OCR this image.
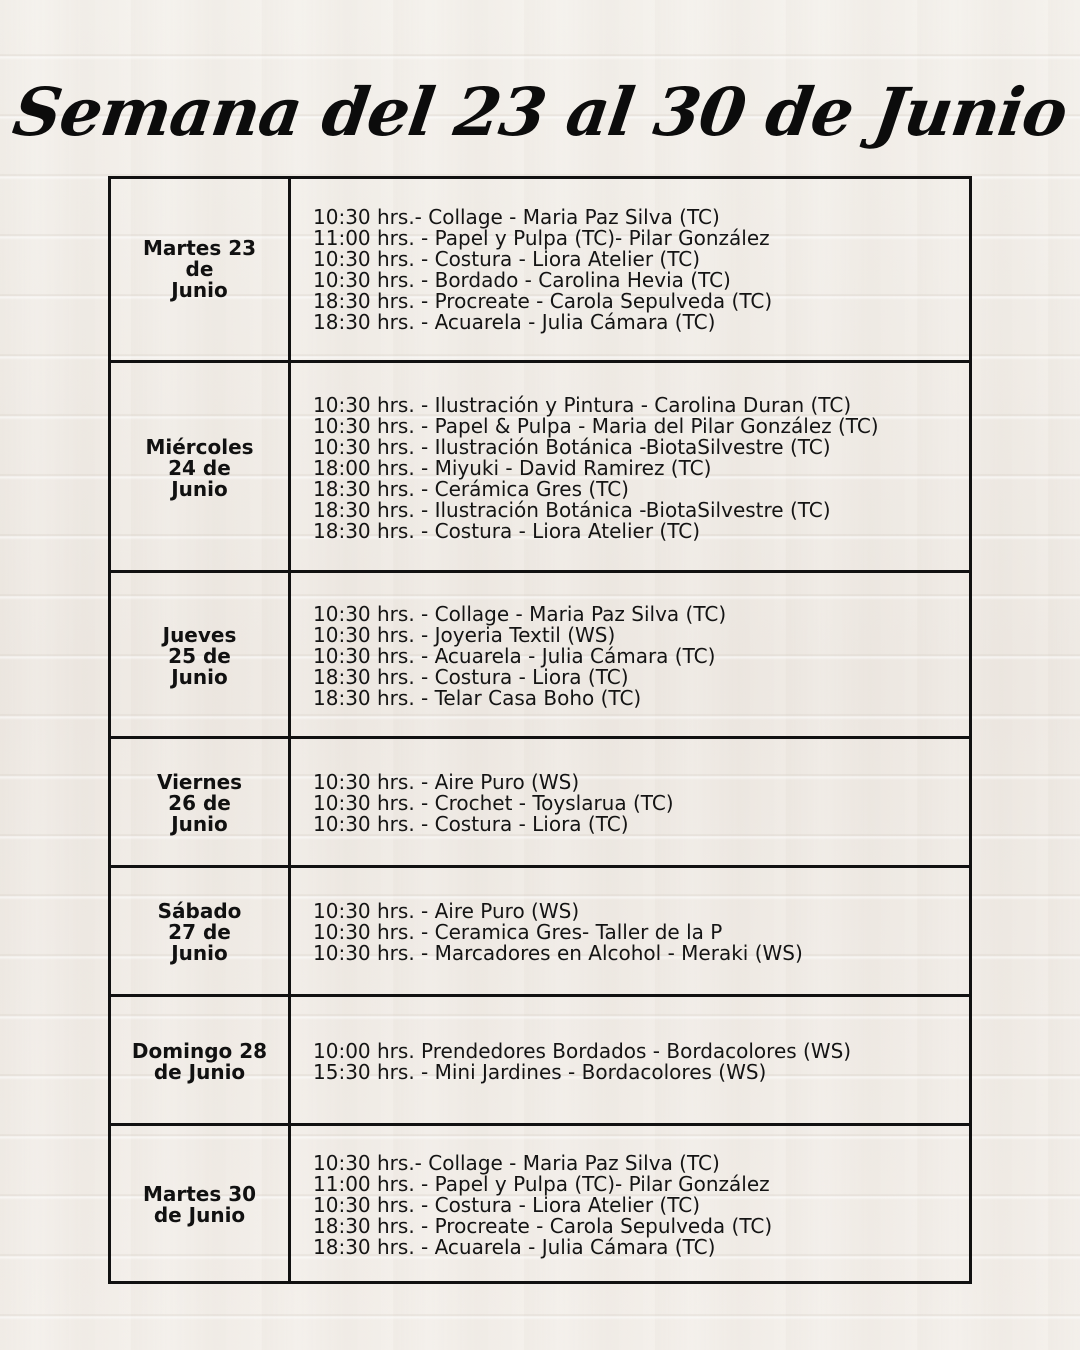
Semana del 23 al 30 de Junio
Martes 23
de
Junio
10:30 hrs.- Collage - Maria Paz Silva (TC)
11:00 hrs. - Papel y Pulpa (TC)- Pilar González
10:30 hrs. - Costura - Liora Atelier (TC)
10:30 hrs. - Bordado - Carolina Hevia (TC)
18:30 hrs. - Procreate - Carola Sepulveda (TC)
18:30 hrs. - Acuarela - Julia Cámara (TC)
Miércoles
24 de
Junio
10:30 hrs. - Ilustración y Pintura - Carolina Duran (TC)
10:30 hrs. - Papel & Pulpa - Maria del Pilar González (TC)
10:30 hrs. - Ilustración Botánica -BiotaSilvestre (TC)
18:00 hrs. - Miyuki - David Ramirez (TC)
18:30 hrs. - Cerámica Gres (TC)
18:30 hrs. - Ilustración Botánica -BiotaSilvestre (TC)
18:30 hrs. - Costura - Liora Atelier (TC)
Jueves
25 de
Junio
10:30 hrs. - Collage - Maria Paz Silva (TC)
10:30 hrs. - Joyeria Textil (WS)
10:30 hrs. - Acuarela - Julia Cámara (TC)
18:30 hrs. - Costura - Liora (TC)
18:30 hrs. - Telar Casa Boho (TC)
Viernes
26 de
Junio
10:30 hrs. - Aire Puro (WS)
10:30 hrs. - Crochet - Toyslarua (TC)
10:30 hrs. - Costura - Liora (TC)
Sábado
27 de
Junio
10:30 hrs. - Aire Puro (WS)
10:30 hrs. - Ceramica Gres- Taller de la P
10:30 hrs. - Marcadores en Alcohol - Meraki (WS)
Domingo 28
de Junio
10:00 hrs. Prendedores Bordados - Bordacolores (WS)
15:30 hrs. - Mini Jardines - Bordacolores (WS)
Martes 30
de Junio
10:30 hrs.- Collage - Maria Paz Silva (TC)
11:00 hrs. - Papel y Pulpa (TC)- Pilar González
10:30 hrs. - Costura - Liora Atelier (TC)
18:30 hrs. - Procreate - Carola Sepulveda (TC)
18:30 hrs. - Acuarela - Julia Cámara (TC)
